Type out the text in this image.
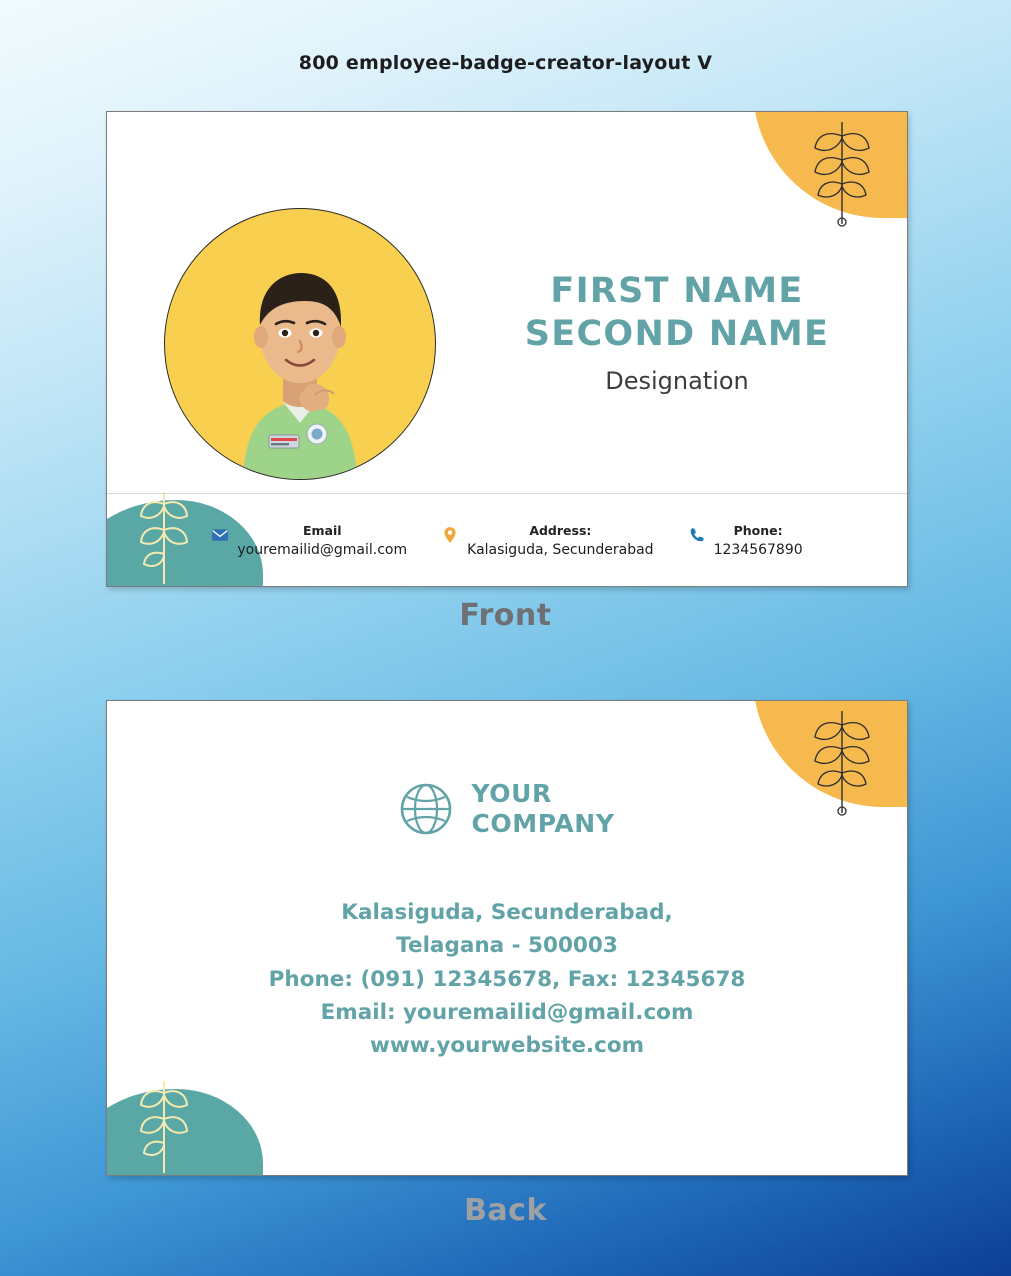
800 employee-badge-creator-layout V
FIRST NAME
SECOND NAME
Designation
Email
youremailid@gmail.com
Address:
Kalasiguda, Secunderabad
Phone:
1234567890
Front
YOUR
COMPANY
Kalasiguda, Secunderabad,
Telagana - 500003
Phone: (091) 12345678, Fax: 12345678
Email: youremailid@gmail.com
www.yourwebsite.com
Back
